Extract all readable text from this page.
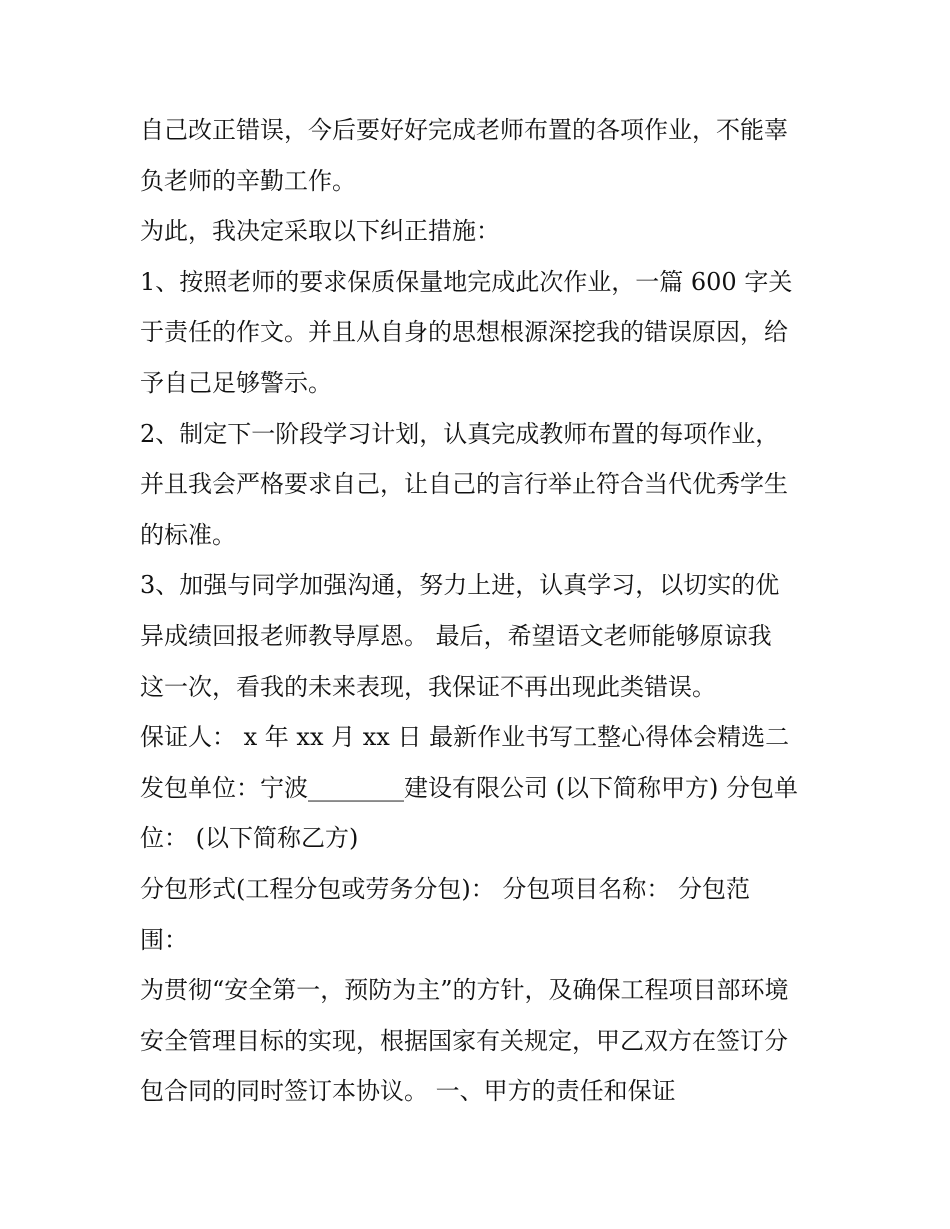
自己改正错误，今后要好好完成老师布置的各项作业，不能辜
负老师的辛勤工作。
为此，我决定采取以下纠正措施：
1、按照老师的要求保质保量地完成此次作业，一篇 600 字关
于责任的作文。并且从自身的思想根源深挖我的错误原因，给
予自己足够警示。
2、制定下一阶段学习计划，认真完成教师布置的每项作业，
并且我会严格要求自己，让自己的言行举止符合当代优秀学生
的标准。
3、加强与同学加强沟通，努力上进，认真学习，以切实的优
异成绩回报老师教导厚恩。 最后，希望语文老师能够原谅我
这一次，看我的未来表现，我保证不再出现此类错误。
保证人： x 年 xx 月 xx 日 最新作业书写工整心得体会精选二
发包单位：宁波________建设有限公司 (以下简称甲方) 分包单
位： (以下简称乙方)
分包形式(工程分包或劳务分包)： 分包项目名称： 分包范
围：
为贯彻“安全第一，预防为主”的方针，及确保工程项目部环境
安全管理目标的实现，根据国家有关规定，甲乙双方在签订分
包合同的同时签订本协议。 一、甲方的责任和保证
